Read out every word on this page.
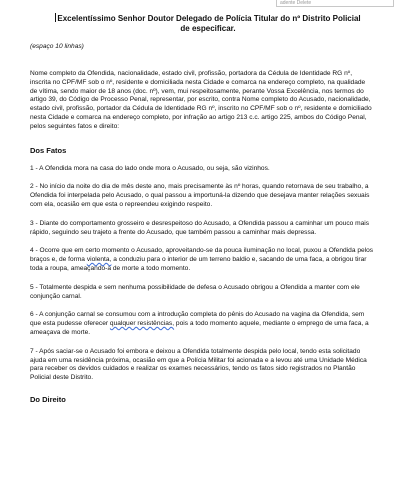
adente Delete
Excelentíssimo Senhor Doutor Delegado de Polícia Titular do nº Distrito Policial
de especificar.
(espaço 10 linhas)
Nome completo da Ofendida, nacionalidade, estado civil, profissão, portadora da Cédula de Identidade RG nº, inscrita no CPF/MF sob o nº, residente e domiciliada nesta Cidade e comarca na endereço completo, na qualidade de vítima, sendo maior de 18 anos (doc. nº), vem, mui respeitosamente, perante Vossa Excelência, nos termos do artigo 39, do Código de Processo Penal, representar, por escrito, contra Nome completo do Acusado, nacionalidade, estado civil, profissão, portador da Cédula de Identidade RG nº, inscrito no CPF/MF sob o nº, residente e domiciliado nesta Cidade e comarca na endereço completo, por infração ao artigo 213 c.c. artigo 225, ambos do Código Penal, pelos seguintes fatos e direito:
Dos Fatos
1 - A Ofendida mora na casa do lado onde mora o Acusado, ou seja, são vizinhos.
2 - No início da noite do dia de mês deste ano, mais precisamente às nº horas, quando retornava de seu trabalho, a Ofendida foi interpelada pelo Acusado, o qual passou a importuná-la dizendo que desejava manter relações sexuais com ela, ocasião em que esta o repreendeu exigindo respeito.
3 - Diante do comportamento grosseiro e desrespeitoso do Acusado, a Ofendida passou a caminhar um pouco mais rápido, seguindo seu trajeto a frente do Acusado, que também passou a caminhar mais depressa.
4 - Ocorre que em certo momento o Acusado, aproveitando-se da pouca iluminação no local, puxou a Ofendida pelos braços e, de forma violenta, a conduziu para o interior de um terreno baldio e, sacando de uma faca, a obrigou tirar toda a roupa, ameaçando-a de morte a todo momento.
5 - Totalmente despida e sem nenhuma possibilidade de defesa o Acusado obrigou a Ofendida a manter com ele conjunção carnal.
6 - A conjunção carnal se consumou com a introdução completa do pênis do Acusado na vagina da Ofendida, sem que esta pudesse oferecer qualquer resistências, pois a todo momento aquele, mediante o emprego de uma faca, a ameaçava de morte.
7 - Após saciar-se o Acusado foi embora e deixou a Ofendida totalmente despida pelo local, tendo esta solicitado ajuda em uma residência próxima, ocasião em que a Polícia Militar foi acionada e a levou até uma Unidade Médica para receber os devidos cuidados e realizar os exames necessários, tendo os fatos sido registrados no Plantão Policial deste Distrito.
Do Direito
